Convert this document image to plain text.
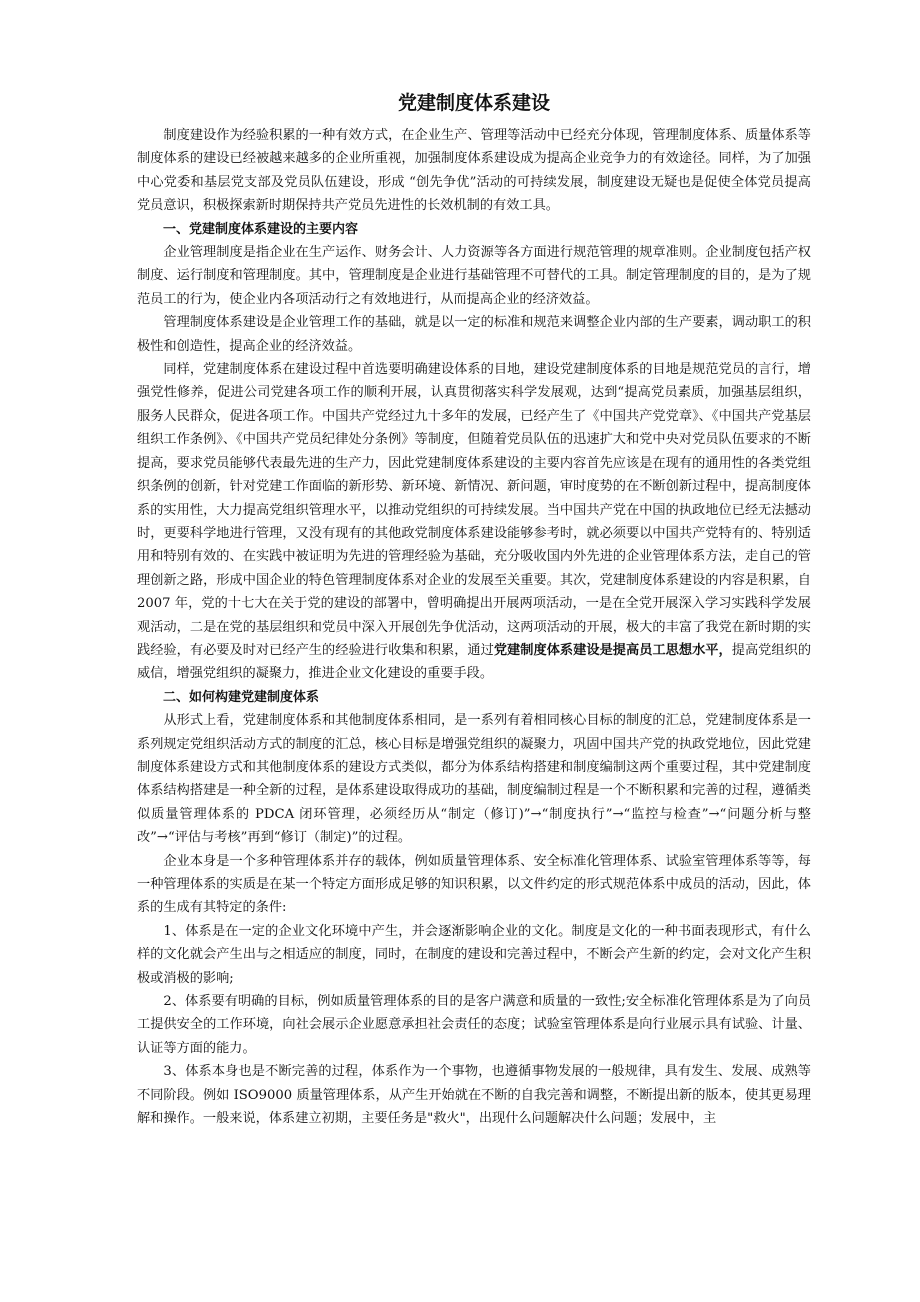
党建制度体系建设

制度建设作为经验积累的一种有效方式，在企业生产、管理等活动中已经充分体现，管理制度体系、质量体系等制度体系的建设已经被越来越多的企业所重视，加强制度体系建设成为提高企业竞争力的有效途径。同样，为了加强中心党委和基层党支部及党员队伍建设，形成 “创先争优”活动的可持续发展，制度建设无疑也是促使全体党员提高党员意识，积极探索新时期保持共产党员先进性的长效机制的有效工具。

一、党建制度体系建设的主要内容

企业管理制度是指企业在生产运作、财务会计、人力资源等各方面进行规范管理的规章准则。企业制度包括产权制度、运行制度和管理制度。其中，管理制度是企业进行基础管理不可替代的工具。制定管理制度的目的，是为了规范员工的行为，使企业内各项活动行之有效地进行，从而提高企业的经济效益。

管理制度体系建设是企业管理工作的基础，就是以一定的标准和规范来调整企业内部的生产要素，调动职工的积极性和创造性，提高企业的经济效益。

同样，党建制度体系在建设过程中首选要明确建设体系的目地，建设党建制度体系的目地是规范党员的言行，增强党性修养，促进公司党建各项工作的顺利开展，认真贯彻落实科学发展观，达到“提高党员素质，加强基层组织，服务人民群众，促进各项工作。中国共产党经过九十多年的发展，已经产生了《中国共产党党章》、《中国共产党基层组织工作条例》、《中国共产党员纪律处分条例》等制度，但随着党员队伍的迅速扩大和党中央对党员队伍要求的不断提高，要求党员能够代表最先进的生产力，因此党建制度体系建设的主要内容首先应该是在现有的通用性的各类党组织条例的创新，针对党建工作面临的新形势、新环境、新情况、新问题，审时度势的在不断创新过程中，提高制度体系的实用性，大力提高党组织管理水平，以推动党组织的可持续发展。当中国共产党在中国的执政地位已经无法撼动时，更要科学地进行管理，又没有现有的其他政党制度体系建设能够参考时，就必须要以中国共产党特有的、特别适用和特别有效的、在实践中被证明为先进的管理经验为基础，充分吸收国内外先进的企业管理体系方法，走自己的管理创新之路，形成中国企业的特色管理制度体系对企业的发展至关重要。其次，党建制度体系建设的内容是积累，自 2007 年，党的十七大在关于党的建设的部署中，曾明确提出开展两项活动，一是在全党开展深入学习实践科学发展观活动，二是在党的基层组织和党员中深入开展创先争优活动，这两项活动的开展，极大的丰富了我党在新时期的实践经验，有必要及时对已经产生的经验进行收集和积累，通过党建制度体系建设是提高员工思想水平，提高党组织的威信，增强党组织的凝聚力，推进企业文化建设的重要手段。

二、如何构建党建制度体系

从形式上看，党建制度体系和其他制度体系相同，是一系列有着相同核心目标的制度的汇总，党建制度体系是一系列规定党组织活动方式的制度的汇总，核心目标是增强党组织的凝聚力，巩固中国共产党的执政党地位，因此党建制度体系建设方式和其他制度体系的建设方式类似，都分为体系结构搭建和制度编制这两个重要过程，其中党建制度体系结构搭建是一种全新的过程，是体系建设取得成功的基础，制度编制过程是一个不断积累和完善的过程，遵循类似质量管理体系的 PDCA 闭环管理，必须经历从“制定（修订)”→“制度执行”→“监控与检查”→“问题分析与整改”→“评估与考核”再到“修订（制定)”的过程。

企业本身是一个多种管理体系并存的载体，例如质量管理体系、安全标准化管理体系、试验室管理体系等等，每一种管理体系的实质是在某一个特定方面形成足够的知识积累，以文件约定的形式规范体系中成员的活动，因此，体系的生成有其特定的条件:

1、体系是在一定的企业文化环境中产生，并会逐渐影响企业的文化。制度是文化的一种书面表现形式，有什么样的文化就会产生出与之相适应的制度，同时，在制度的建设和完善过程中，不断会产生新的约定，会对文化产生积极或消极的影响;

2、体系要有明确的目标，例如质量管理体系的目的是客户满意和质量的一致性;安全标准化管理体系是为了向员工提供安全的工作环境，向社会展示企业愿意承担社会责任的态度；试验室管理体系是向行业展示具有试验、计量、认证等方面的能力。

3、体系本身也是不断完善的过程，体系作为一个事物，也遵循事物发展的一般规律，具有发生、发展、成熟等不同阶段。例如 ISO9000 质量管理体系，从产生开始就在不断的自我完善和调整，不断提出新的版本，使其更易理解和操作。一般来说，体系建立初期，主要任务是"救火"，出现什么问题解决什么问题；发展中，主
